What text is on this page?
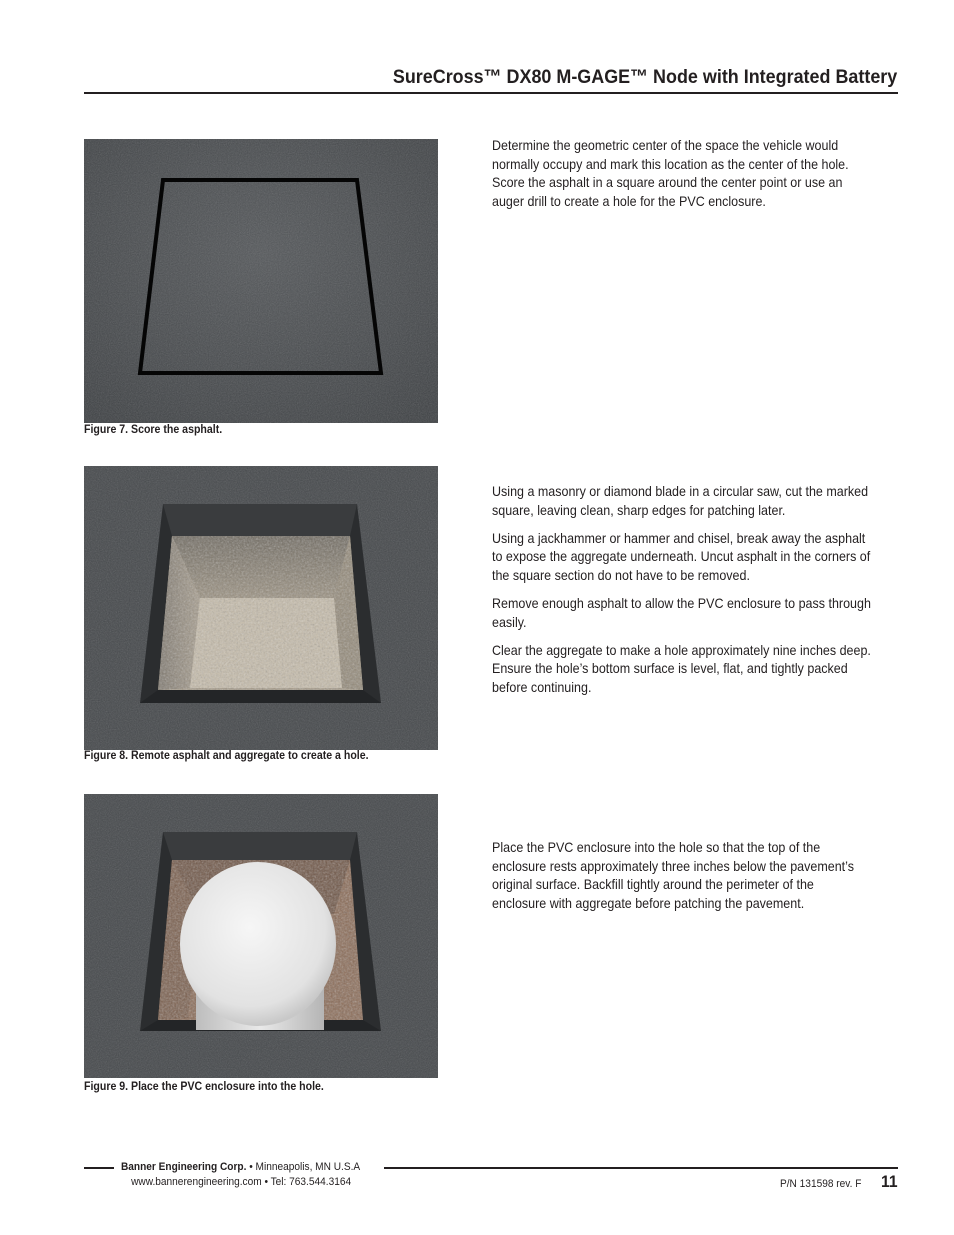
SureCross™ DX80 M-GAGE™ Node with Integrated Battery
Figure 7. Score the asphalt.

Determine the geometric center of the space the vehicle would normally occupy and mark this location as the center of the hole. Score the asphalt in a square around the center point or use an auger drill to create a hole for the PVC enclosure.

Figure 8. Remote asphalt and aggregate to create a hole.

Using a masonry or diamond blade in a circular saw, cut the marked square, leaving clean, sharp edges for patching later.

Using a jackhammer or hammer and chisel, break away the asphalt to expose the aggregate underneath. Uncut asphalt in the corners of the square section do not have to be removed.

Remove enough asphalt to allow the PVC enclosure to pass through easily.

Clear the aggregate to make a hole approximately nine inches deep. Ensure the hole’s bottom surface is level, flat, and tightly packed before continuing.

Figure 9. Place the PVC enclosure into the hole.

Place the PVC enclosure into the hole so that the top of the enclosure rests approximately three inches below the pavement’s original surface. Backfill tightly around the perimeter of the enclosure with aggregate before patching the pavement.

Banner Engineering Corp. • Minneapolis, MN U.S.A
www.bannerengineering.com • Tel: 763.544.3164	P/N 131598 rev. F 11
